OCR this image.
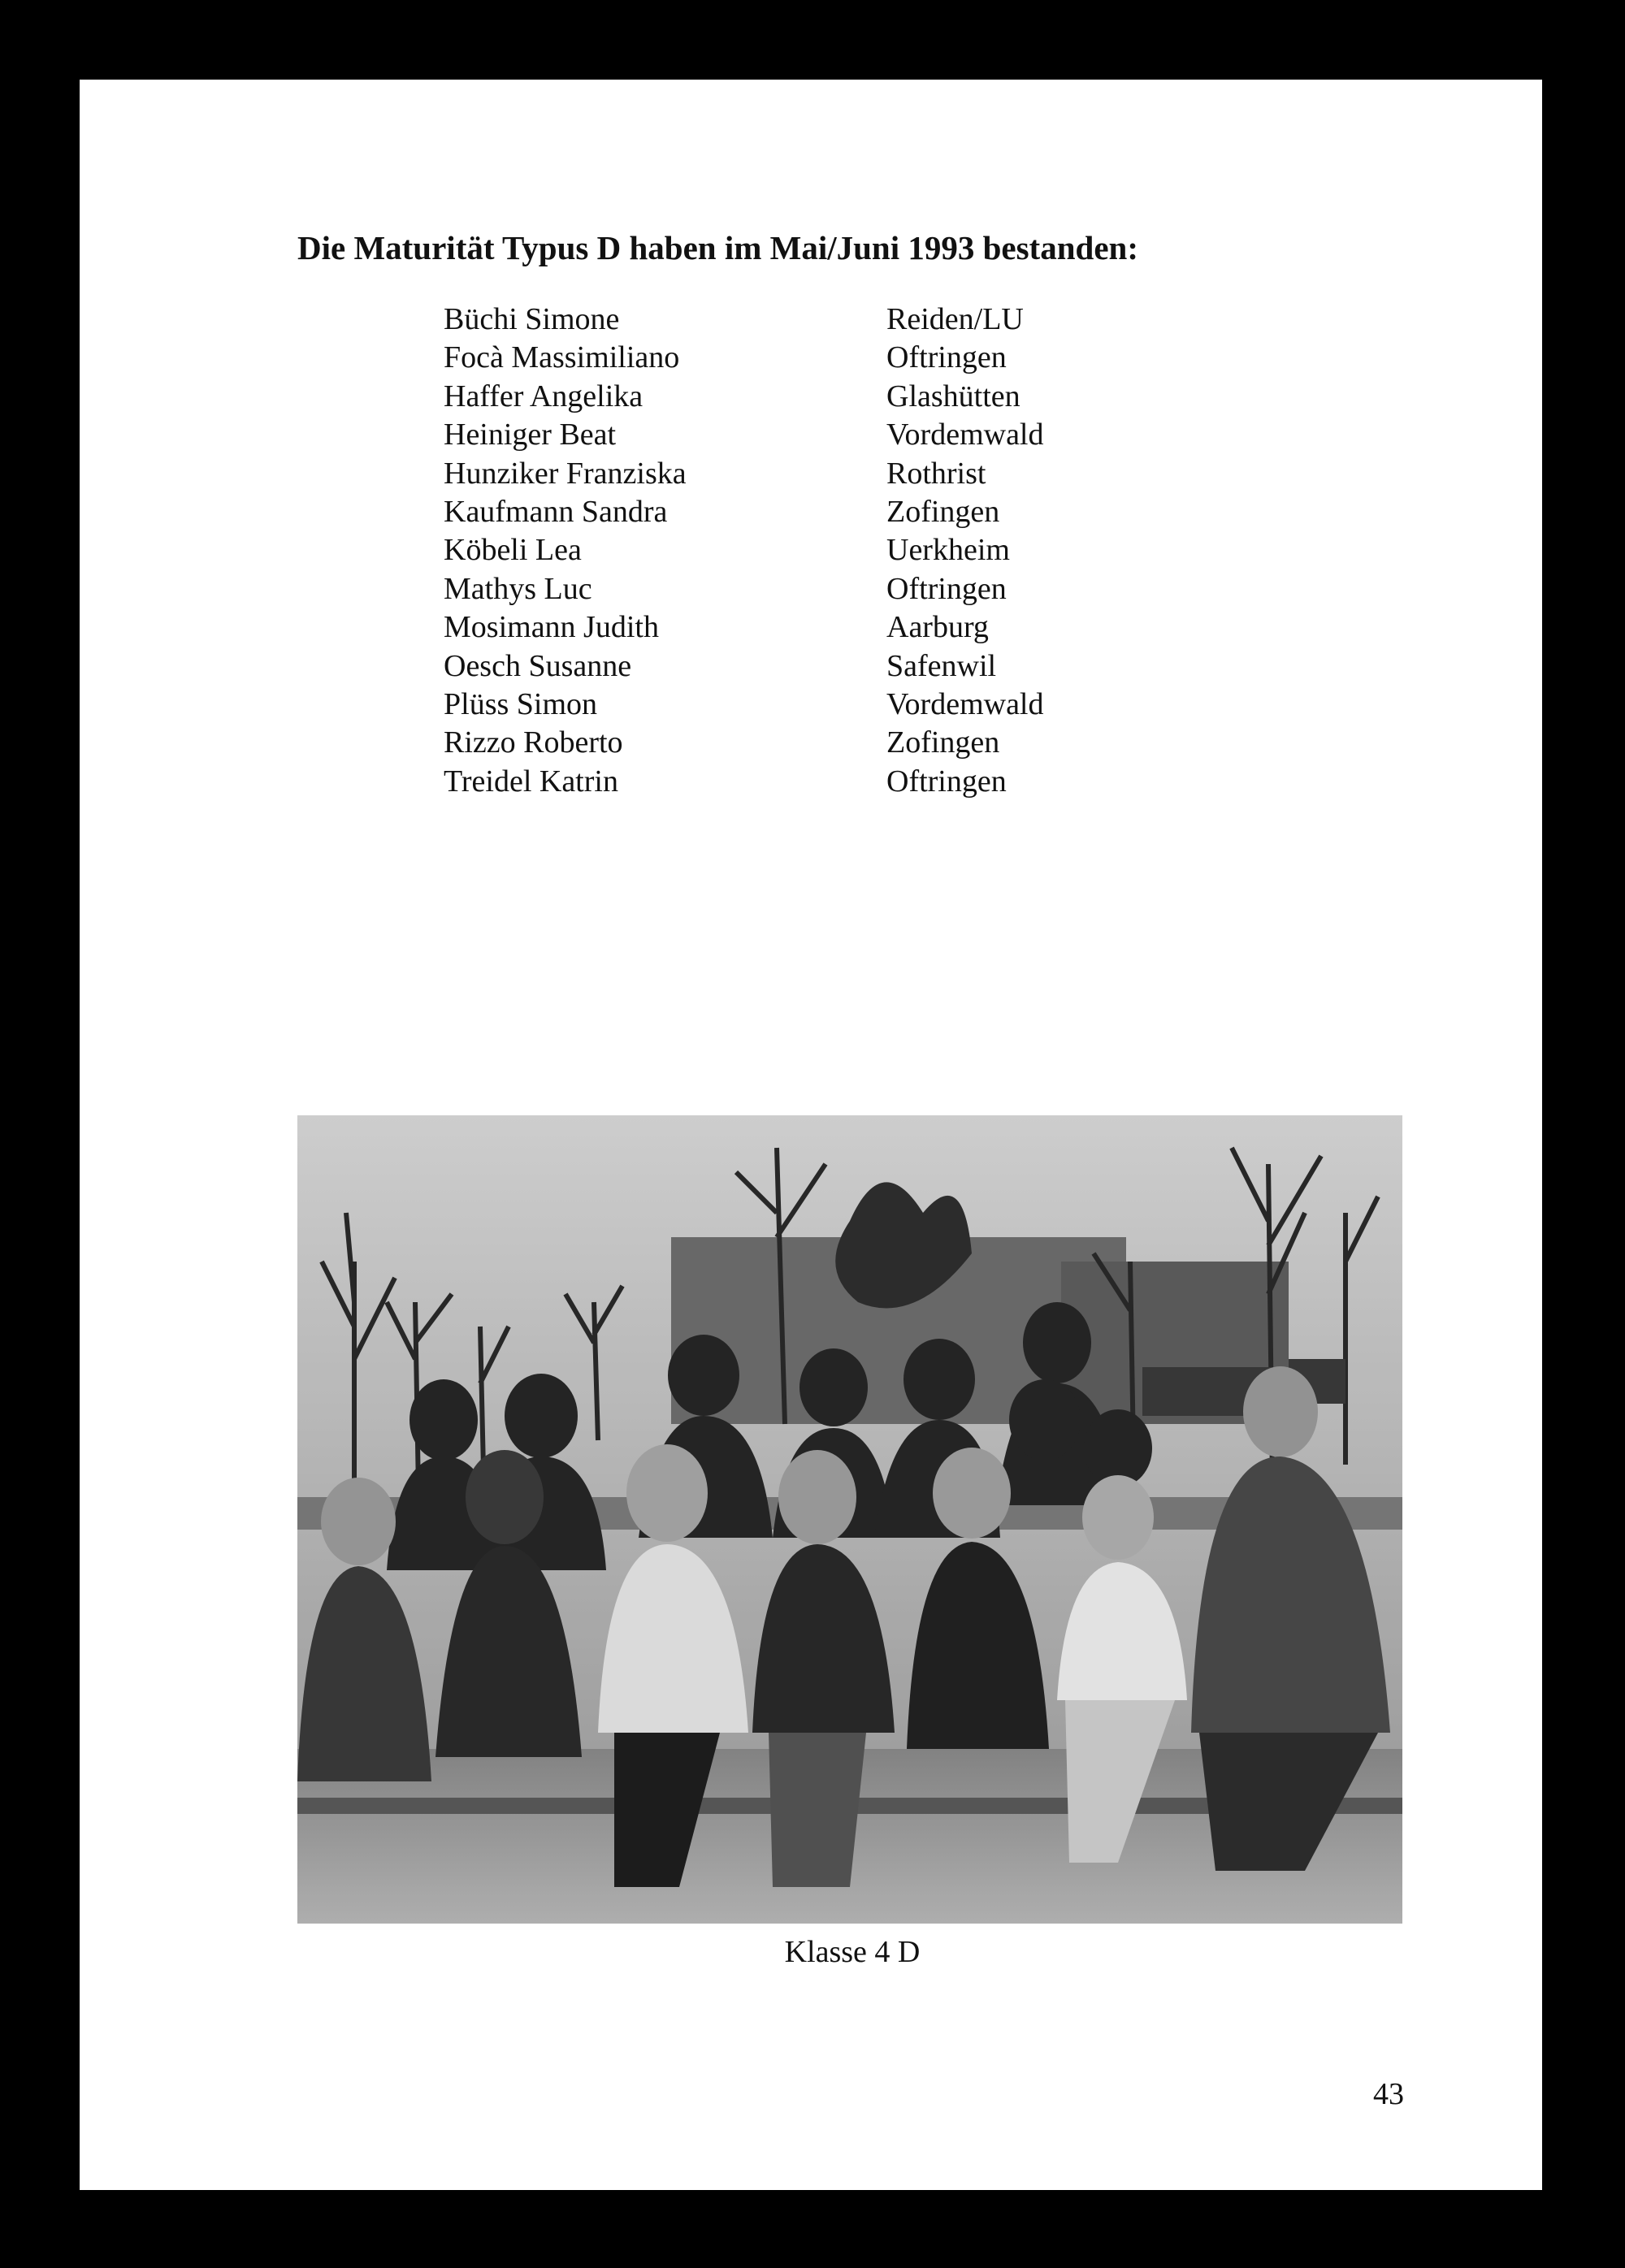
Die Maturität Typus D haben im Mai/Juni 1993 bestanden:
Büchi Simone	Reiden/LU
Focà Massimiliano	Oftringen
Haffer Angelika	Glashütten
Heiniger Beat	Vordemwald
Hunziker Franziska	Rothrist
Kaufmann Sandra	Zofingen
Köbeli Lea	Uerkheim
Mathys Luc	Oftringen
Mosimann Judith	Aarburg
Oesch Susanne	Safenwil
Plüss Simon	Vordemwald
Rizzo Roberto	Zofingen
Treidel Katrin	Oftringen
Klasse 4 D
43
